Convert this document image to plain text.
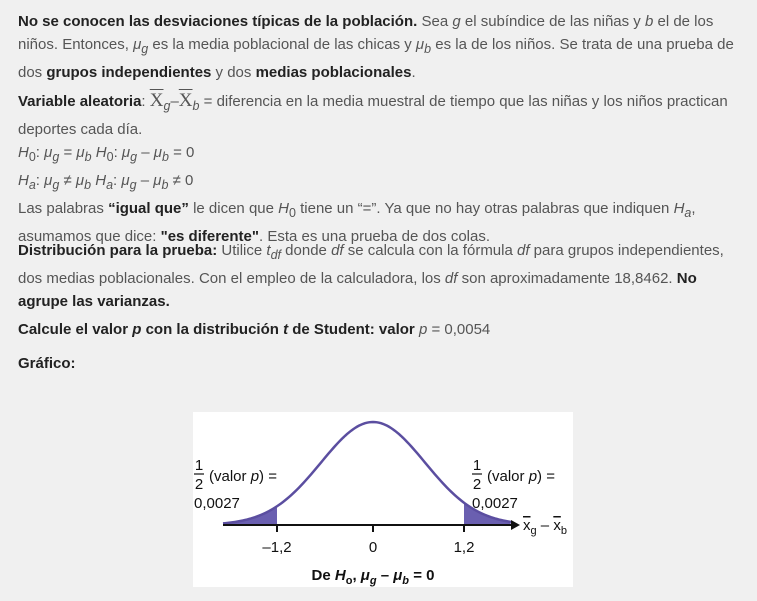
No se conocen las desviaciones típicas de la población. Sea g el subíndice de las niñas y b el de los niños. Entonces, $\mu_g$ es la media poblacional de las chicas y $\mu_b$ es la de los niños. Se trata de una prueba de dos grupos independientes y dos medias poblacionales.

Variable aleatoria: $\overline{X}_g-\overline{X}_b$ = diferencia en la media muestral de tiempo que las niñas y los niños practican deportes cada día.

$H_0$: $\mu_g = \mu_b$ $H_0$: $\mu_g - \mu_b = 0$

$H_a$: $\mu_g \ne \mu_b$ $H_a$: $\mu_g - \mu_b \ne 0$

Las palabras “igual que” le dicen que $H_0$ tiene un “=”. Ya que no hay otras palabras que indiquen $H_a$, asumamos que dice: "es diferente". Esta es una prueba de dos colas.

Distribución para la prueba: Utilice $t_{df}$ donde df se calcula con la fórmula df para grupos independientes, dos medias poblacionales. Con el empleo de la calculadora, los df son aproximadamente 18,8462. No agrupe las varianzas.

Calcule el valor p con la distribución t de Student: valor p = 0,0054

Gráfico:

–1,2	0	1,2
$x_g - x_b$
1
2 (valor p) =
0,0027
1
2 (valor p) =
0,0027
De $H_o$, $\mu_g - \mu_b = 0$
